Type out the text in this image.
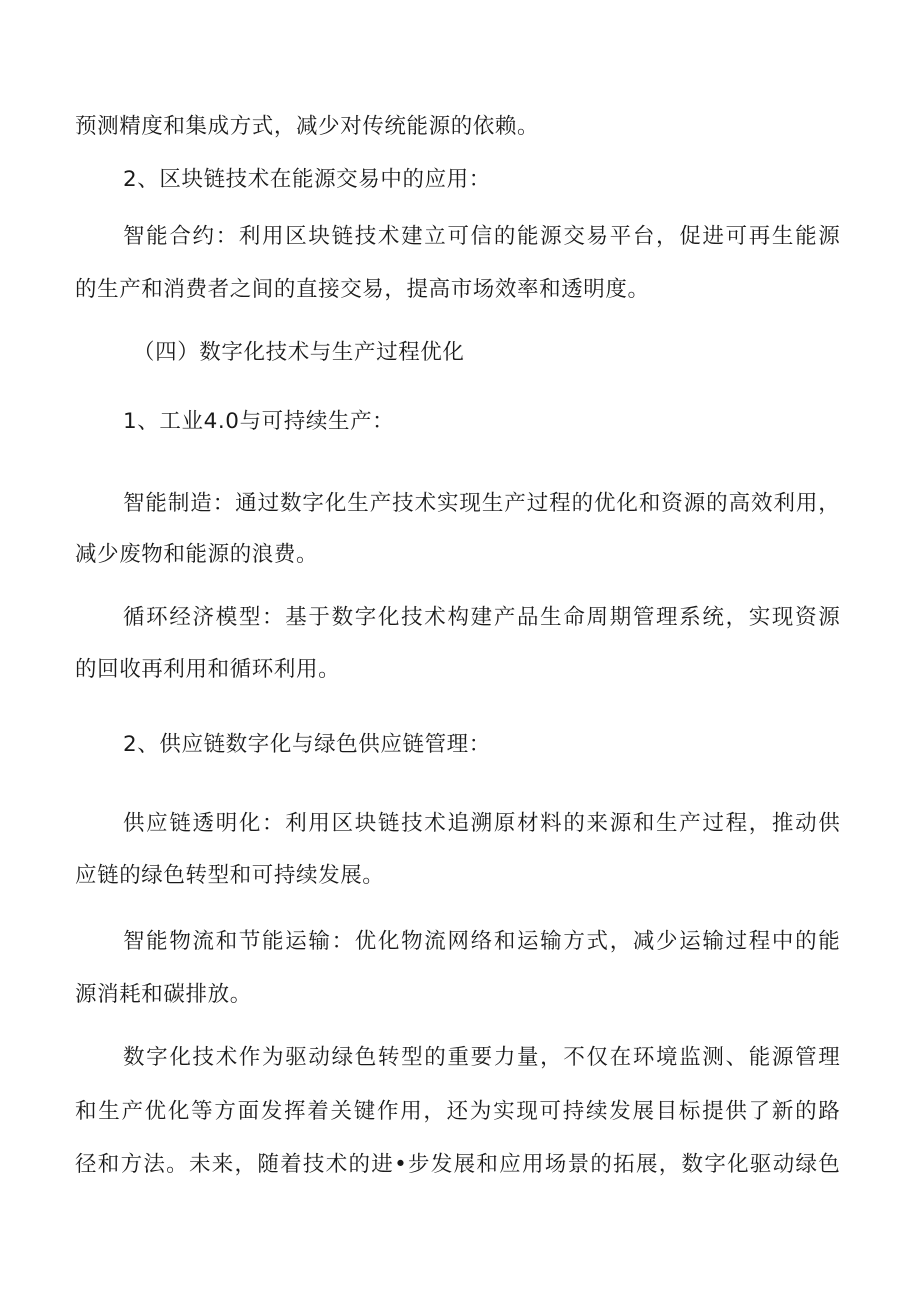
预测精度和集成方式，减少对传统能源的依赖。
2、区块链技术在能源交易中的应用：
智能合约：利用区块链技术建立可信的能源交易平台，促进可再生能源
的生产和消费者之间的直接交易，提高市场效率和透明度。
（四）数字化技术与生产过程优化
1、工业4.0与可持续生产：
智能制造：通过数字化生产技术实现生产过程的优化和资源的高效利用，
减少废物和能源的浪费。
循环经济模型：基于数字化技术构建产品生命周期管理系统，实现资源
的回收再利用和循环利用。
2、供应链数字化与绿色供应链管理：
供应链透明化：利用区块链技术追溯原材料的来源和生产过程，推动供
应链的绿色转型和可持续发展。
智能物流和节能运输：优化物流网络和运输方式，减少运输过程中的能
源消耗和碳排放。
数字化技术作为驱动绿色转型的重要力量，不仅在环境监测、能源管理
和生产优化等方面发挥着关键作用，还为实现可持续发展目标提供了新的路
径和方法。未来，随着技术的进•步发展和应用场景的拓展，数字化驱动绿色
